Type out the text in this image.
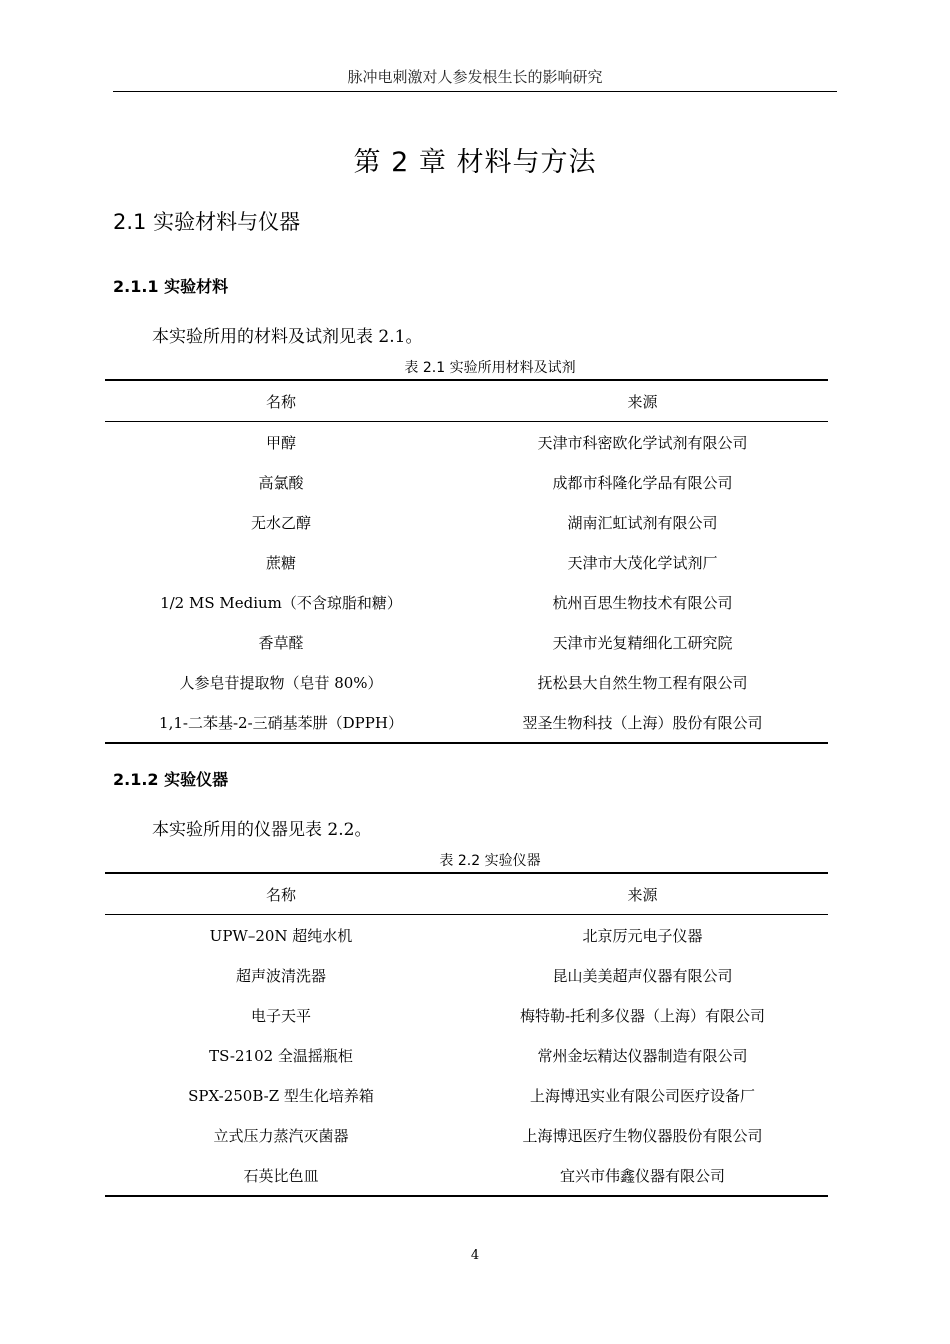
脉冲电刺激对人参发根生长的影响研究
第 2 章 材料与方法
2.1 实验材料与仪器
2.1.1 实验材料
本实验所用的材料及试剂见表 2.1。
表 2.1 实验所用材料及试剂
名称	来源
甲醇	天津市科密欧化学试剂有限公司
高氯酸	成都市科隆化学品有限公司
无水乙醇	湖南汇虹试剂有限公司
蔗糖	天津市大茂化学试剂厂
1/2 MS Medium（不含琼脂和糖）	杭州百思生物技术有限公司
香草醛	天津市光复精细化工研究院
人参皂苷提取物（皂苷 80%）	抚松县大自然生物工程有限公司
1,1-二苯基-2-三硝基苯肼（DPPH）	翌圣生物科技（上海）股份有限公司
2.1.2 实验仪器
本实验所用的仪器见表 2.2。
表 2.2 实验仪器
名称	来源
UPW–20N 超纯水机	北京厉元电子仪器
超声波清洗器	昆山美美超声仪器有限公司
电子天平	梅特勒-托利多仪器（上海）有限公司
TS-2102 全温摇瓶柜	常州金坛精达仪器制造有限公司
SPX-250B-Z 型生化培养箱	上海博迅实业有限公司医疗设备厂
立式压力蒸汽灭菌器	上海博迅医疗生物仪器股份有限公司
石英比色皿	宜兴市伟鑫仪器有限公司
4
